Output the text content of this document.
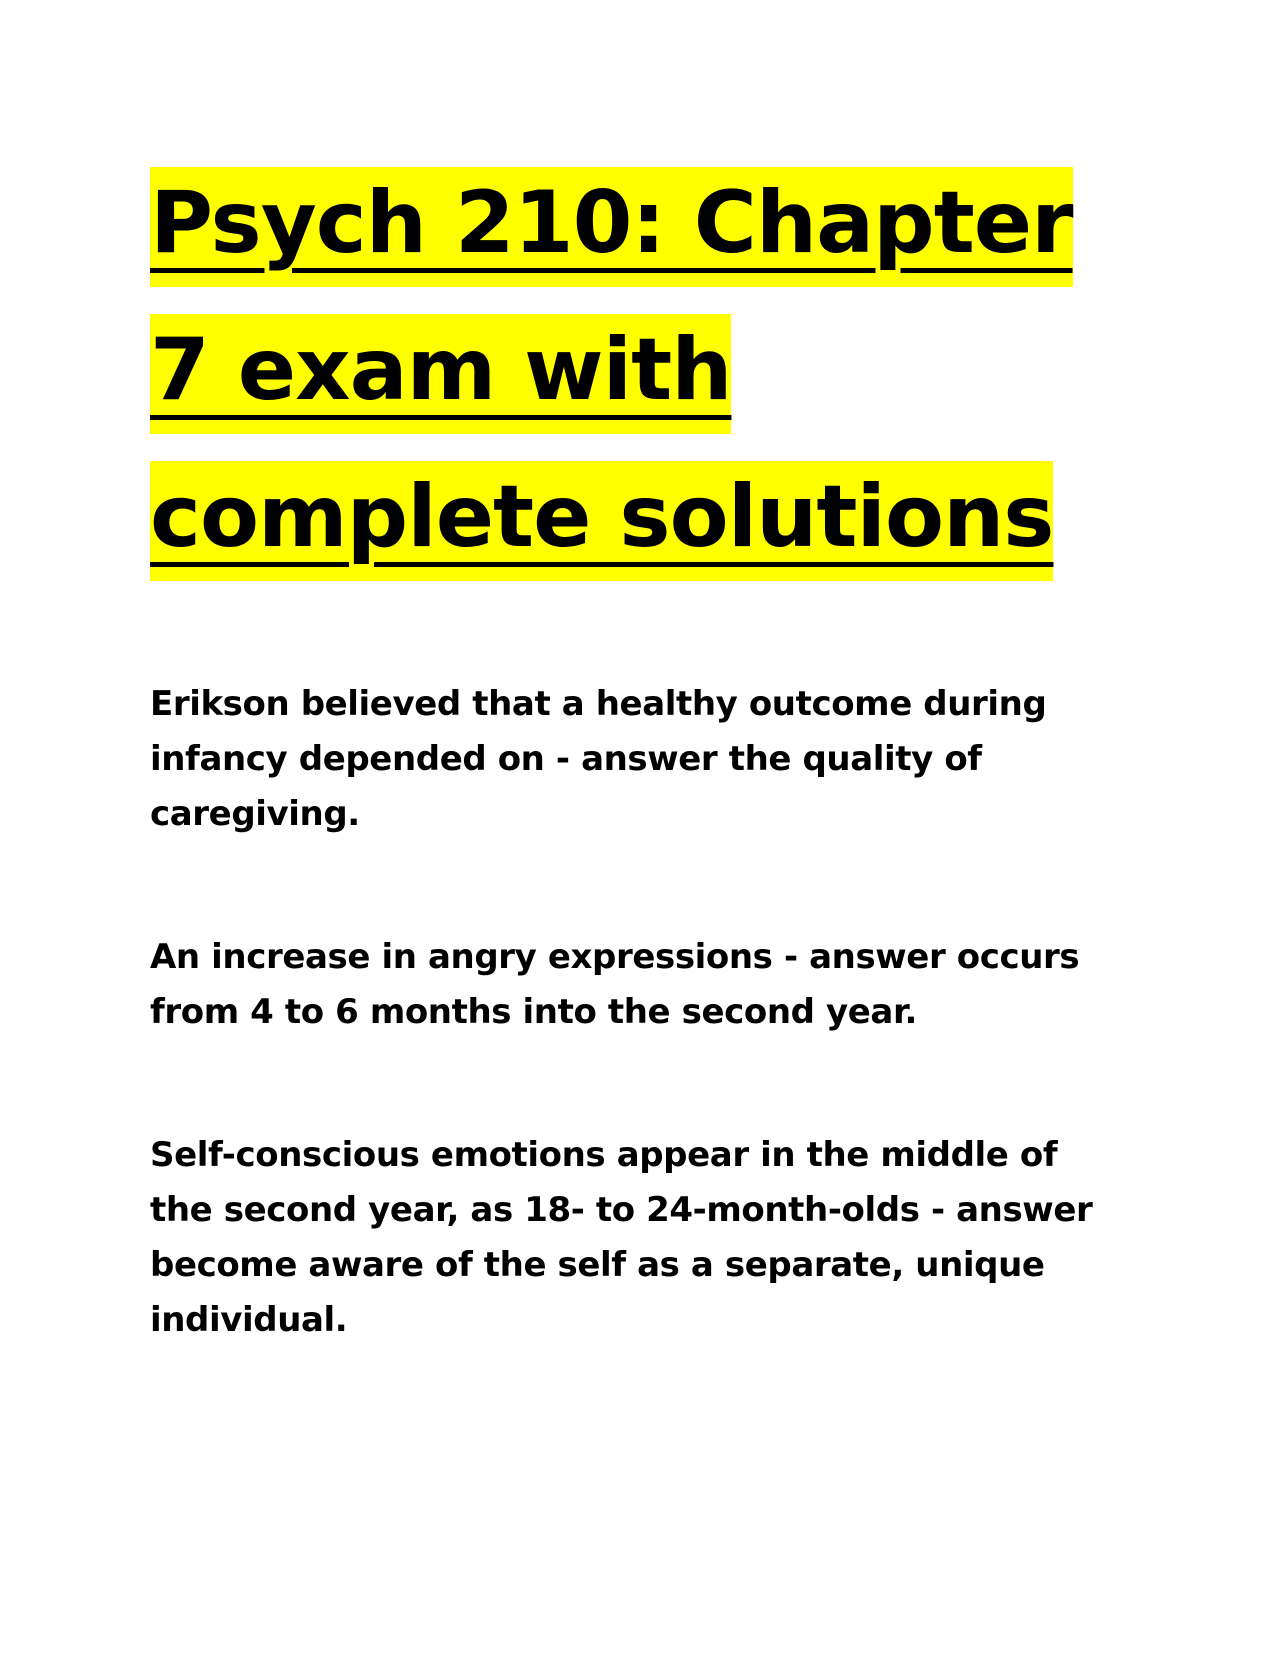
Psych 210: Chapter
7 exam with
complete solutions

Erikson believed that a healthy outcome during infancy depended on - answer the quality of caregiving.

An increase in angry expressions - answer occurs from 4 to 6 months into the second year.

Self-conscious emotions appear in the middle of the second year, as 18- to 24-month-olds - answer become aware of the self as a separate, unique individual.
